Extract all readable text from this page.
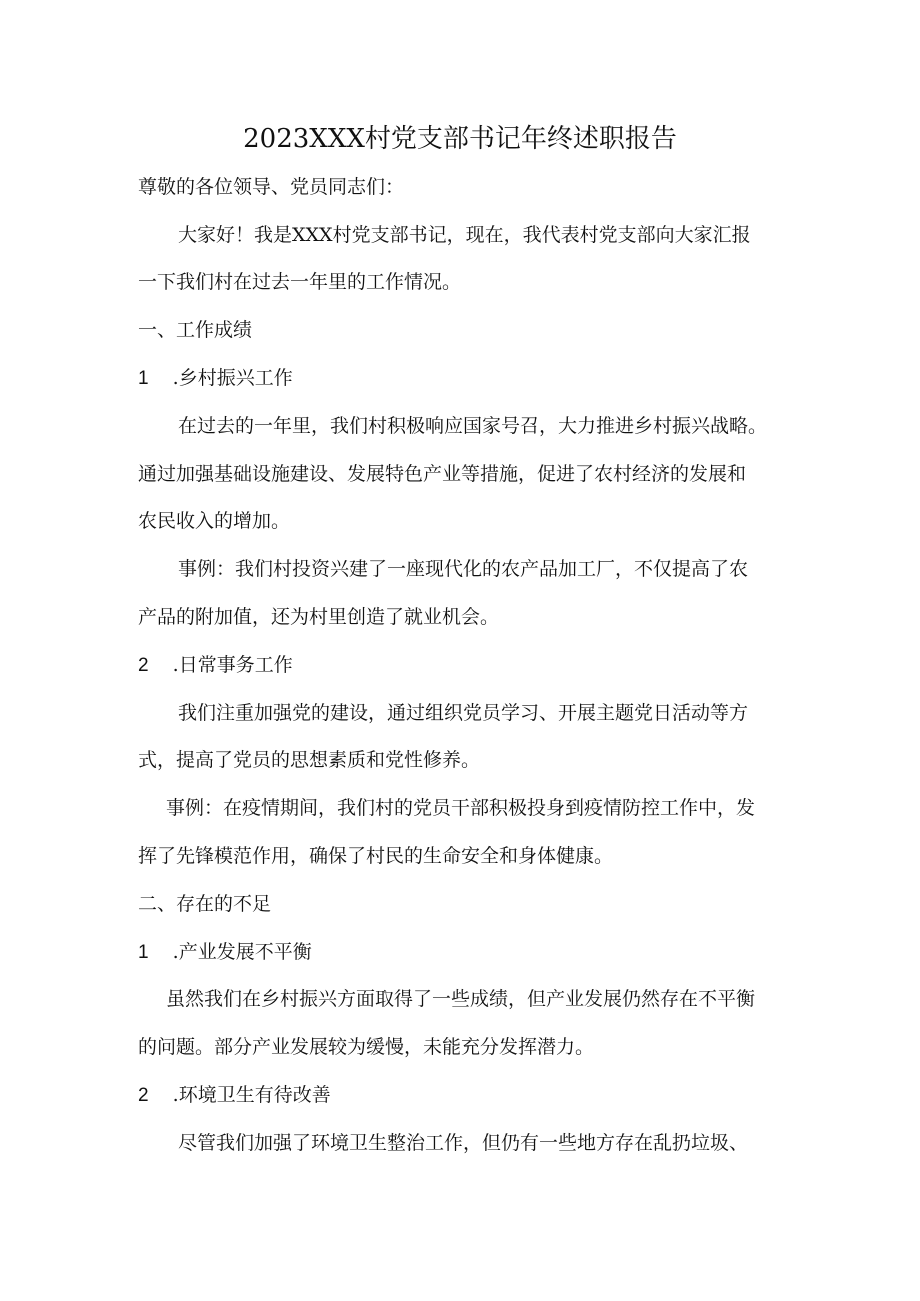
2023XXX村党支部书记年终述职报告
尊敬的各位领导、党员同志们：
大家好！我是XXX村党支部书记，现在，我代表村党支部向大家汇报
一下我们村在过去一年里的工作情况。
一、工作成绩
1 .乡村振兴工作
在过去的一年里，我们村积极响应国家号召，大力推进乡村振兴战略。
通过加强基础设施建设、发展特色产业等措施，促进了农村经济的发展和
农民收入的增加。
事例：我们村投资兴建了一座现代化的农产品加工厂，不仅提高了农
产品的附加值，还为村里创造了就业机会。
2 .日常事务工作
我们注重加强党的建设，通过组织党员学习、开展主题党日活动等方
式，提高了党员的思想素质和党性修养。
事例：在疫情期间，我们村的党员干部积极投身到疫情防控工作中，发
挥了先锋模范作用，确保了村民的生命安全和身体健康。
二、存在的不足
1 .产业发展不平衡
虽然我们在乡村振兴方面取得了一些成绩，但产业发展仍然存在不平衡
的问题。部分产业发展较为缓慢，未能充分发挥潜力。
2 .环境卫生有待改善
尽管我们加强了环境卫生整治工作，但仍有一些地方存在乱扔垃圾、
